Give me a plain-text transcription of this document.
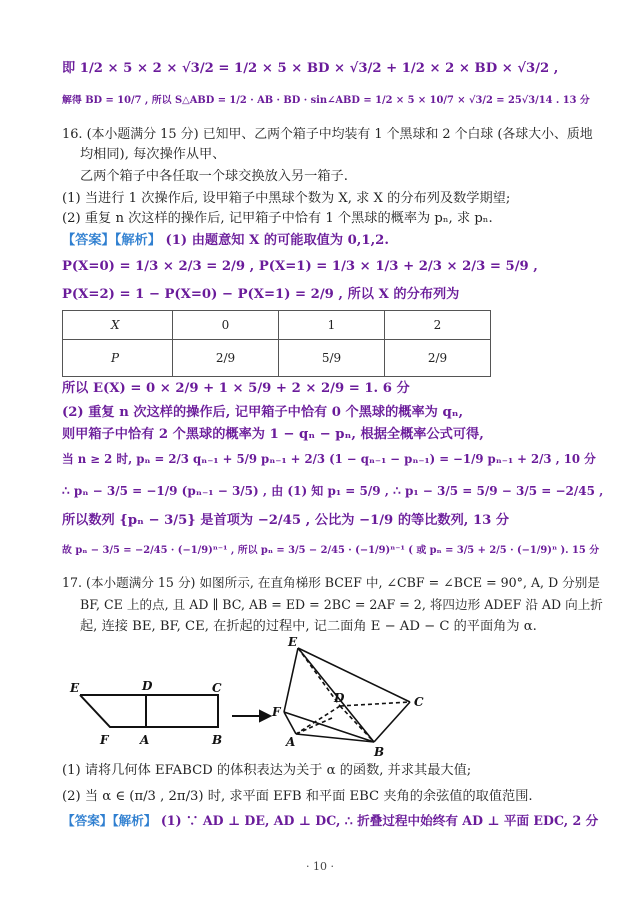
即 1/2 × 5 × 2 × √3/2 = 1/2 × 5 × BD × √3/2 + 1/2 × 2 × BD × √3/2 ,
解得 BD = 10/7 , 所以 S△ABD = 1/2 · AB · BD · sin∠ABD = 1/2 × 5 × 10/7 × √3/2 = 25√3/14 . 13 分
16. (本小题满分 15 分) 已知甲、乙两个箱子中均装有 1 个黑球和 2 个白球 (各球大小、质地
均相同), 每次操作从甲、
乙两个箱子中各任取一个球交换放入另一箱子.
(1) 当进行 1 次操作后, 设甲箱子中黑球个数为 X, 求 X 的分布列及数学期望;
(2) 重复 n 次这样的操作后, 记甲箱子中恰有 1 个黑球的概率为 pₙ, 求 pₙ.
【答案】【解析】 (1) 由题意知 X 的可能取值为 0,1,2.
P(X=0) = 1/3 × 2/3 = 2/9 , P(X=1) = 1/3 × 1/3 + 2/3 × 2/3 = 5/9 ,
P(X=2) = 1 − P(X=0) − P(X=1) = 2/9 , 所以 X 的分布列为
X	0	1	2
P	2/9	5/9	2/9
所以 E(X) = 0 × 2/9 + 1 × 5/9 + 2 × 2/9 = 1. 6 分
(2) 重复 n 次这样的操作后, 记甲箱子中恰有 0 个黑球的概率为 qₙ,
则甲箱子中恰有 2 个黑球的概率为 1 − qₙ − pₙ, 根据全概率公式可得,
当 n ≥ 2 时, pₙ = 2/3 qₙ₋₁ + 5/9 pₙ₋₁ + 2/3 (1 − qₙ₋₁ − pₙ₋₁) = −1/9 pₙ₋₁ + 2/3 , 10 分
∴ pₙ − 3/5 = −1/9 (pₙ₋₁ − 3/5) , 由 (1) 知 p₁ = 5/9 , ∴ p₁ − 3/5 = 5/9 − 3/5 = −2/45 ,
所以数列 {pₙ − 3/5} 是首项为 −2/45 , 公比为 −1/9 的等比数列, 13 分
故 pₙ − 3/5 = −2/45 · (−1/9)ⁿ⁻¹ , 所以 pₙ = 3/5 − 2/45 · (−1/9)ⁿ⁻¹ ( 或 pₙ = 3/5 + 2/5 · (−1/9)ⁿ ). 15 分
17. (本小题满分 15 分) 如图所示, 在直角梯形 BCEF 中, ∠CBF = ∠BCE = 90°, A, D 分别是
BF, CE 上的点, 且 AD ∥ BC, AB = ED = 2BC = 2AF = 2, 将四边形 ADEF 沿 AD 向上折
起, 连接 BE, BF, CE, 在折起的过程中, 记二面角 E − AD − C 的平面角为 α.
E	D	C
F	A	B
E
F
D	C
A
B
(1) 请将几何体 EFABCD 的体积表达为关于 α 的函数, 并求其最大值;
(2) 当 α ∈ (π/3 , 2π/3) 时, 求平面 EFB 和平面 EBC 夹角的余弦值的取值范围.
【答案】【解析】 (1) ∵ AD ⊥ DE, AD ⊥ DC, ∴ 折叠过程中始终有 AD ⊥ 平面 EDC, 2 分
· 10 ·
